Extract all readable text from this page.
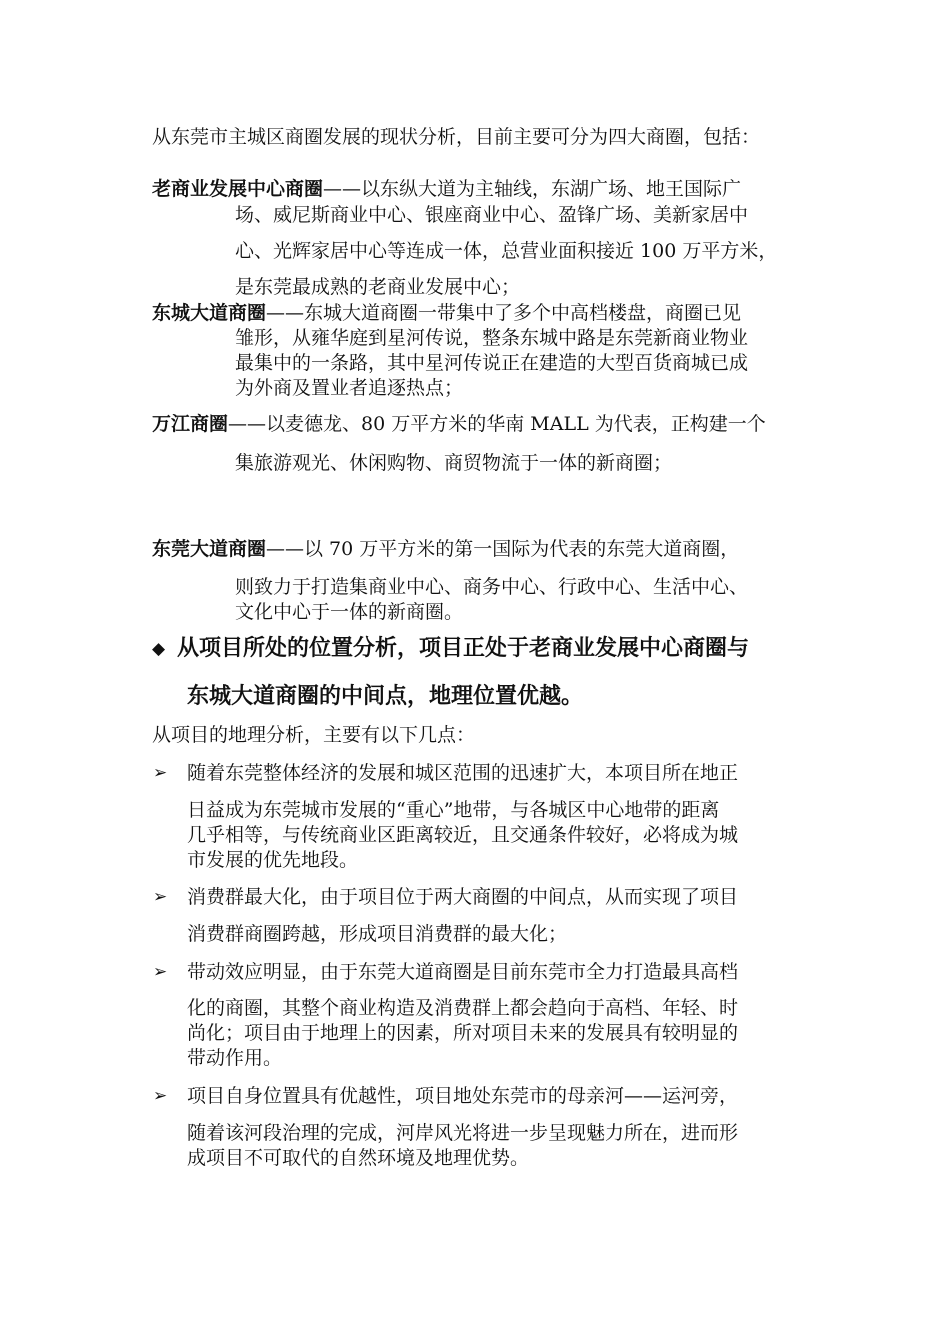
从东莞市主城区商圈发展的现状分析，目前主要可分为四大商圈，包括：
老商业发展中心商圈——以东纵大道为主轴线，东湖广场、地王国际广
场、威尼斯商业中心、银座商业中心、盈锋广场、美新家居中
心、光辉家居中心等连成一体，总营业面积接近 100 万平方米，
是东莞最成熟的老商业发展中心；
东城大道商圈——东城大道商圈一带集中了多个中高档楼盘，商圈已见
雏形，从雍华庭到星河传说，整条东城中路是东莞新商业物业
最集中的一条路，其中星河传说正在建造的大型百货商城已成
为外商及置业者追逐热点；
万江商圈——以麦德龙、80 万平方米的华南 MALL 为代表，正构建一个
集旅游观光、休闲购物、商贸物流于一体的新商圈；
东莞大道商圈——以 70 万平方米的第一国际为代表的东莞大道商圈，
则致力于打造集商业中心、商务中心、行政中心、生活中心、
文化中心于一体的新商圈。
◆ 从项目所处的位置分析，项目正处于老商业发展中心商圈与
东城大道商圈的中间点，地理位置优越。
从项目的地理分析，主要有以下几点：
➢ 随着东莞整体经济的发展和城区范围的迅速扩大，本项目所在地正
日益成为东莞城市发展的“重心”地带，与各城区中心地带的距离
几乎相等，与传统商业区距离较近，且交通条件较好，必将成为城
市发展的优先地段。
➢ 消费群最大化，由于项目位于两大商圈的中间点，从而实现了项目
消费群商圈跨越，形成项目消费群的最大化；
➢ 带动效应明显，由于东莞大道商圈是目前东莞市全力打造最具高档
化的商圈，其整个商业构造及消费群上都会趋向于高档、年轻、时
尚化；项目由于地理上的因素，所对项目未来的发展具有较明显的
带动作用。
➢ 项目自身位置具有优越性，项目地处东莞市的母亲河——运河旁，
随着该河段治理的完成，河岸风光将进一步呈现魅力所在，进而形
成项目不可取代的自然环境及地理优势。
